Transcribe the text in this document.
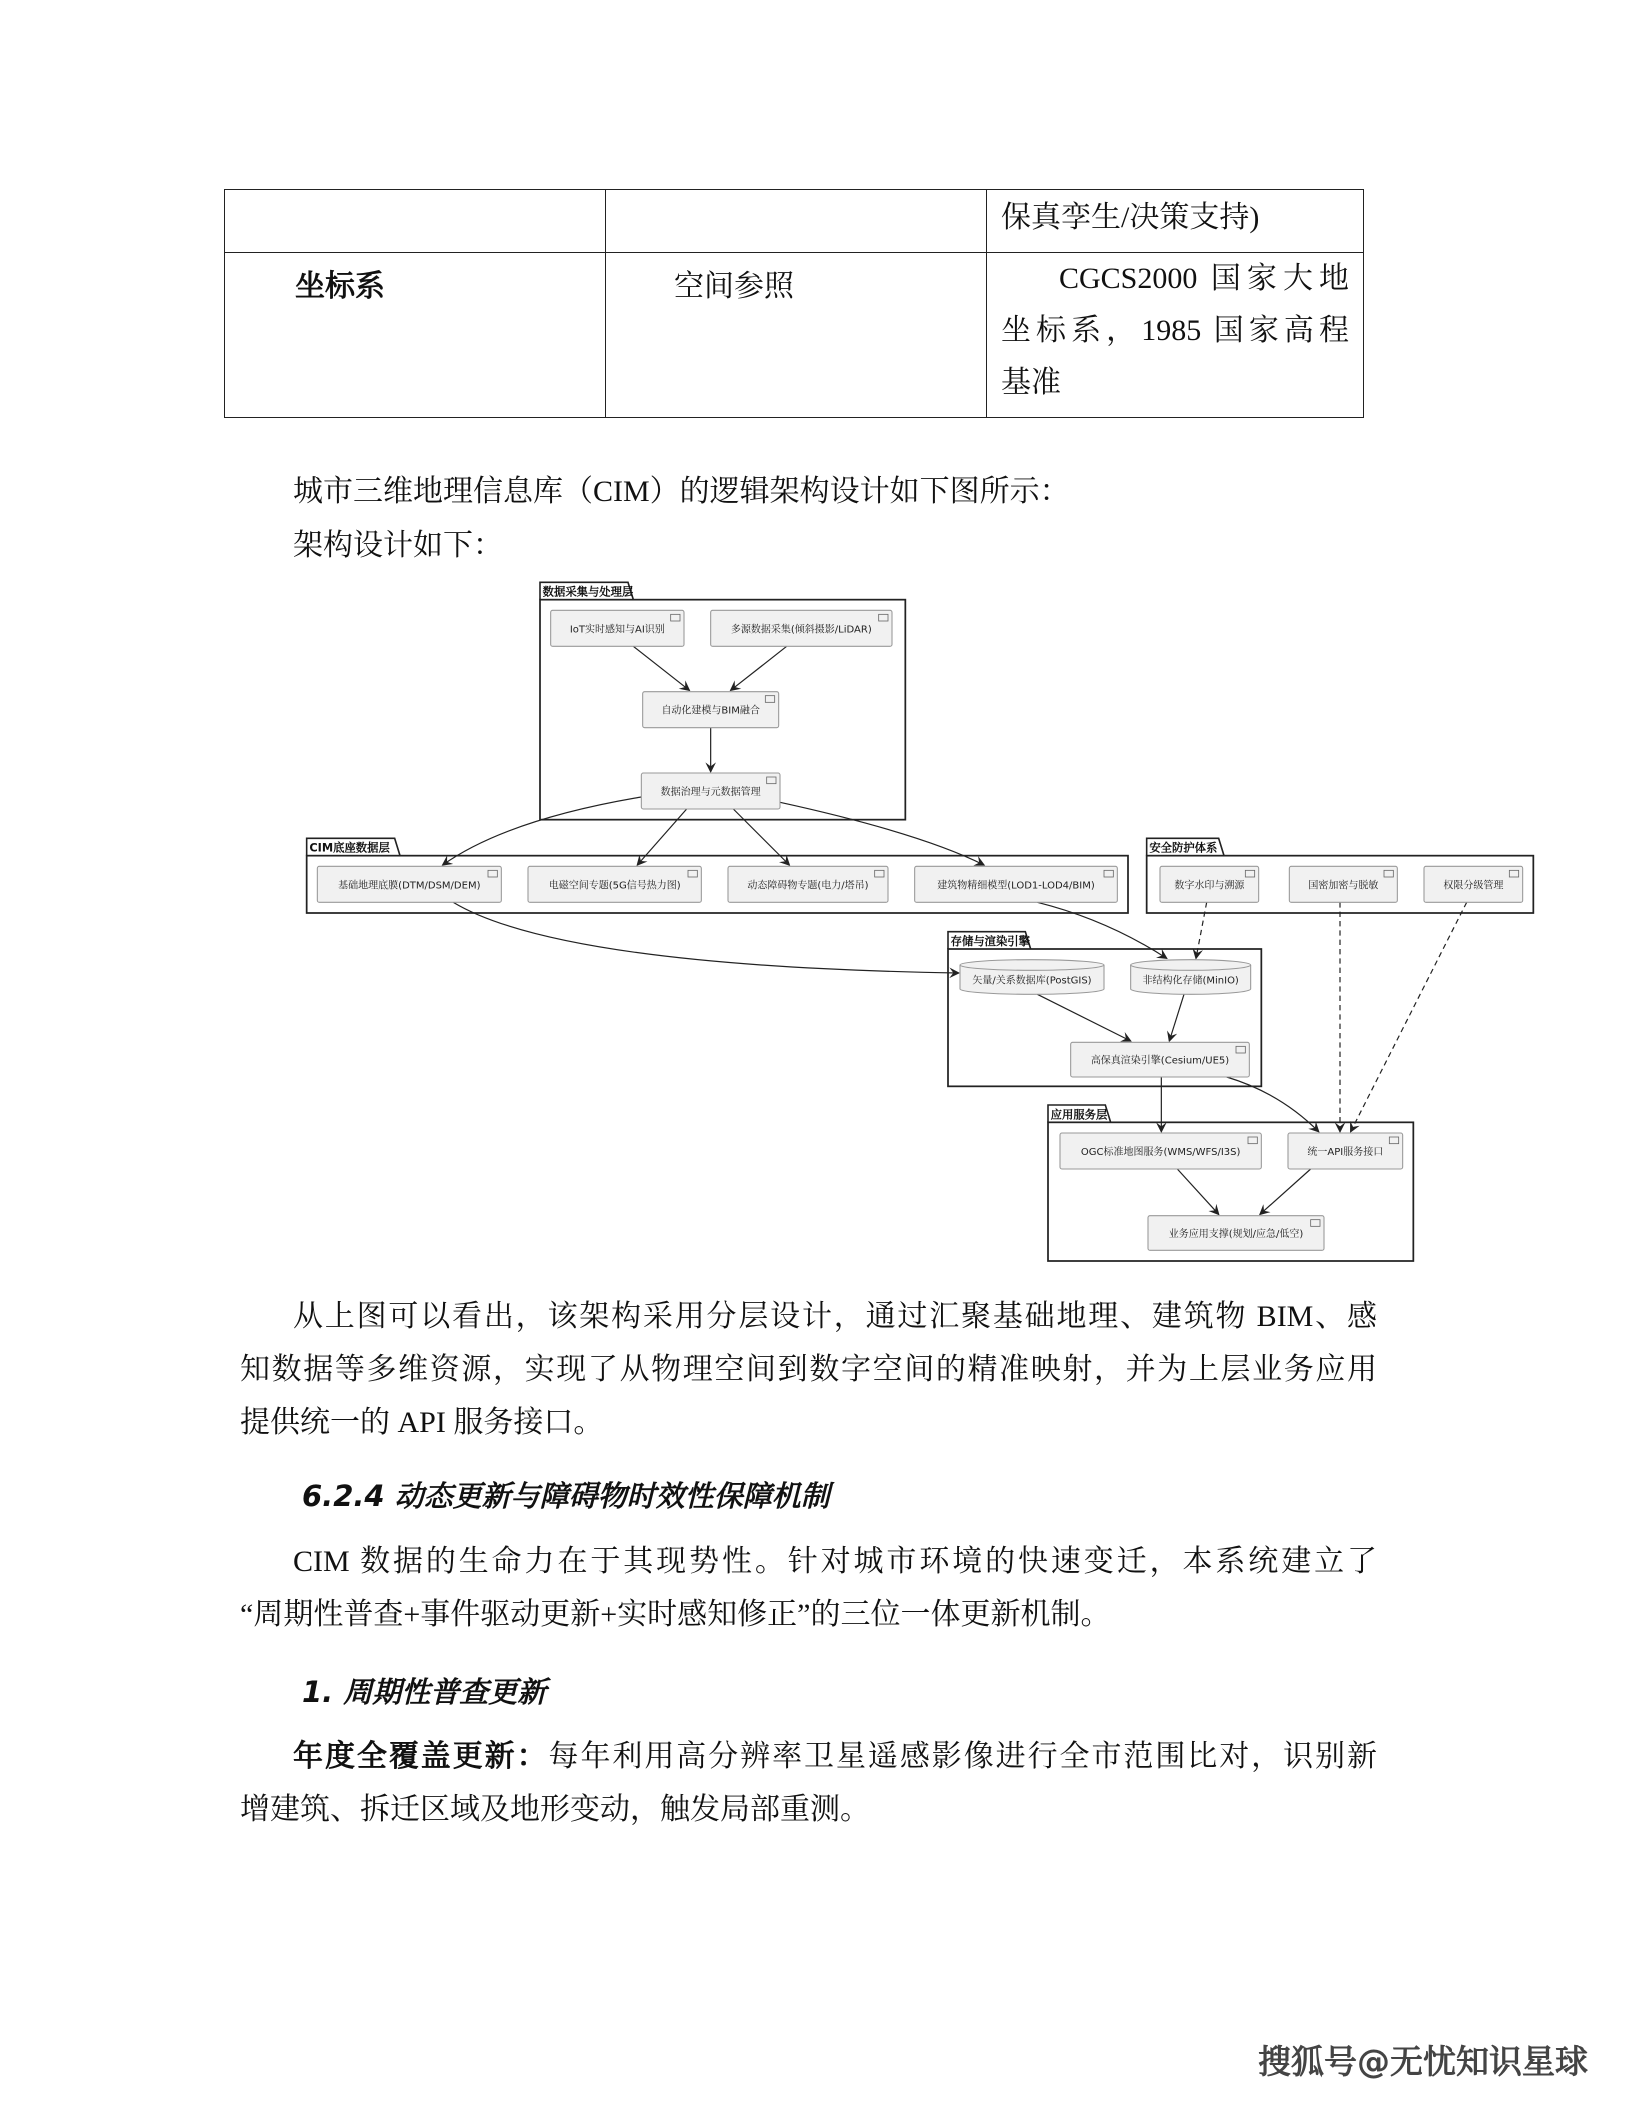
		保真孪生/决策支持)

坐标系	空间参照	CGCS2000 国家大地
坐标系，1985 国家高程
基准
城市三维地理信息库（CIM）的逻辑架构设计如下图所示：
架构设计如下：
数据采集与处理层
CIM底座数据层	安全防护体系
存储与渲染引擎
应用服务层
IoT实时感知与AI识别	多源数据采集(倾斜摄影/LiDAR)
自动化建模与BIM融合
数据治理与元数据管理
基础地理底膜(DTM/DSM/DEM)	电磁空间专题(5G信号热力图)	动态障碍物专题(电力/塔吊)	建筑物精细模型(LOD1-LOD4/BIM)	数字水印与溯源	国密加密与脱敏	权限分级管理
矢量/关系数据库(PostGIS)	非结构化存储(MinIO)
高保真渲染引擎(Cesium/UE5)
OGC标准地图服务(WMS/WFS/I3S)	统一API服务接口
业务应用支撑(规划/应急/低空)
从上图可以看出，该架构采用分层设计，通过汇聚基础地理、建筑物 BIM、感
知数据等多维资源，实现了从物理空间到数字空间的精准映射，并为上层业务应用
提供统一的 API 服务接口。
6.2.4 动态更新与障碍物时效性保障机制
CIM 数据的生命力在于其现势性。针对城市环境的快速变迁，本系统建立了
“周期性普查+事件驱动更新+实时感知修正”的三位一体更新机制。
1. 周期性普查更新
年度全覆盖更新：每年利用高分辨率卫星遥感影像进行全市范围比对，识别新
增建筑、拆迁区域及地形变动，触发局部重测。
搜狐号@无忧知识星球
